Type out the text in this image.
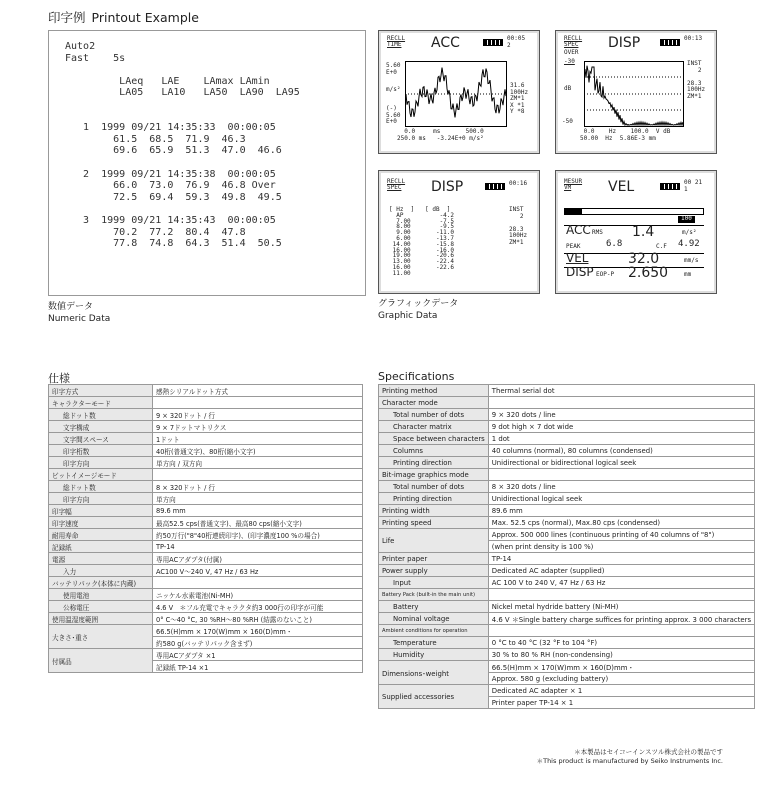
印字例 Printout Example
Auto2
Fast    5s
LAeq   LAE    LAmax LAmin
LA05   LA10   LA50  LA90  LA95
1  1999 09/21 14:35:33  00:00:05
61.5  68.5  71.9  46.3
69.6  65.9  51.3  47.0  46.6
2  1999 09/21 14:35:38  00:00:05
66.0  73.0  76.9  46.8 Over
72.5  69.4  59.3  49.8  49.5
3  1999 09/21 14:35:43  00:00:05
70.2  77.2  80.4  47.8
77.8  74.8  64.3  51.4  50.5
数値データ
Numeric Data
RECLL
TIME ACC	00:05
2
5.60
E+0
m/s²
(-)
5.60
E+0
31.6
100Hz
ZM*1
X *1
Y *8
0.0     ms       500.0
250.0 ms   -3.24E+0 m/s²
RECLL
SPEC
OVER
-30
DISP	00:13
dB
-50
INST
2

28.3
100Hz
ZM*1
0.0    Hz    100.0  V dB
50.00  Hz  5.86E-3 mm
RECLL
SPEC DISP	00:16
[ Hz  ]   [ dB  ]
AP          -4.2
7.00        -7.5
8.00        -9.5
9.00       -11.0
6.00       -13.7
14.00       -15.8
16.00       -16.0
19.00       -20.6
13.00       -22.4
16.00       -22.6
11.00
INST
2

28.3
100Hz
ZM*1
MESUR
VM	VEL	00 21
1
100
ACC RMS 1.4	m/s²
PEAK	6.8	C.F 4.92
VEL	32.0	mm/s
DISP EOP-P 2.650	mm
グラフィックデータ
Graphic Data
仕様
印字方式	感熱シリアルドット方式
キャラクターモード	
総ドット数	9 × 320ドット / 行
文字構成	9 × 7ドットマトリクス
文字間スペース	1ドット
印字桁数	40桁(普通文字)、80桁(縮小文字)
印字方向	単方向 / 双方向
ビットイメージモード	
総ドット数	8 × 320ドット / 行
印字方向	単方向
印字幅	89.6 mm
印字速度	最高52.5 cps(普通文字)、最高80 cps(縮小文字)
耐用寿命	約50万行("8"40桁連続印字)、(印字濃度100 %の場合)
記録紙	TP-14
電源	専用ACアダプタ(付属)
入力	AC100 V～240 V, 47 Hz / 63 Hz
バッテリパック(本体に内蔵)	
使用電池	ニッケル水素電池(Ni-MH)
公称電圧	4.6 V　＊フル充電でキャラクタ約3 000行の印字が可能
使用温湿度範囲	0° C～40 °C, 30 %RH～80 %RH (結露のないこと)
大きさ･重さ	66.5(H)mm × 170(W)mm × 160(D)mm・
	約580 g(バッテリパック含まず)
付属品	専用ACアダプタ ×1
	記録紙 TP-14 ×1
Specifications
Printing method	Thermal serial dot
Character mode	
Total number of dots	9 × 320 dots / line
Character matrix	9 dot high × 7 dot wide
Space between characters	1 dot
Columns	40 columns (normal), 80 columns (condensed)
Printing direction	Unidirectional or bidirectional logical seek
Bit-image graphics mode	
Total number of dots	8 × 320 dots / line
Printing direction	Unidirectional logical seek
Printing width	89.6 mm
Printing speed	Max. 52.5 cps (normal), Max.80 cps (condensed)
Life	Approx. 500 000 lines (continuous printing of 40 columns of "8")
	(when print density is 100 %)
Printer paper	TP-14
Power supply	Dedicated AC adapter (supplied)
Input	AC 100 V to 240 V, 47 Hz / 63 Hz
Battery Pack (built-in the main unit)	
Battery	Nickel metal hydride battery (Ni-MH)
Nominal voltage	4.6 V ＊Single battery charge suffices for printing approx. 3 000 characters
Ambient conditions for operation	
Temperature	0 °C to 40 °C (32 °F to 104 °F)
Humidity	30 % to 80 % RH (non-condensing)
Dimensions･weight	66.5(H)mm × 170(W)mm × 160(D)mm・
	Approx. 580 g (excluding battery)
Supplied accessories	Dedicated AC adapter × 1
	Printer paper TP-14 × 1
＊本製品はセイコーインスツル株式会社の製品です
＊This product is manufactured by Seiko Instruments Inc.
